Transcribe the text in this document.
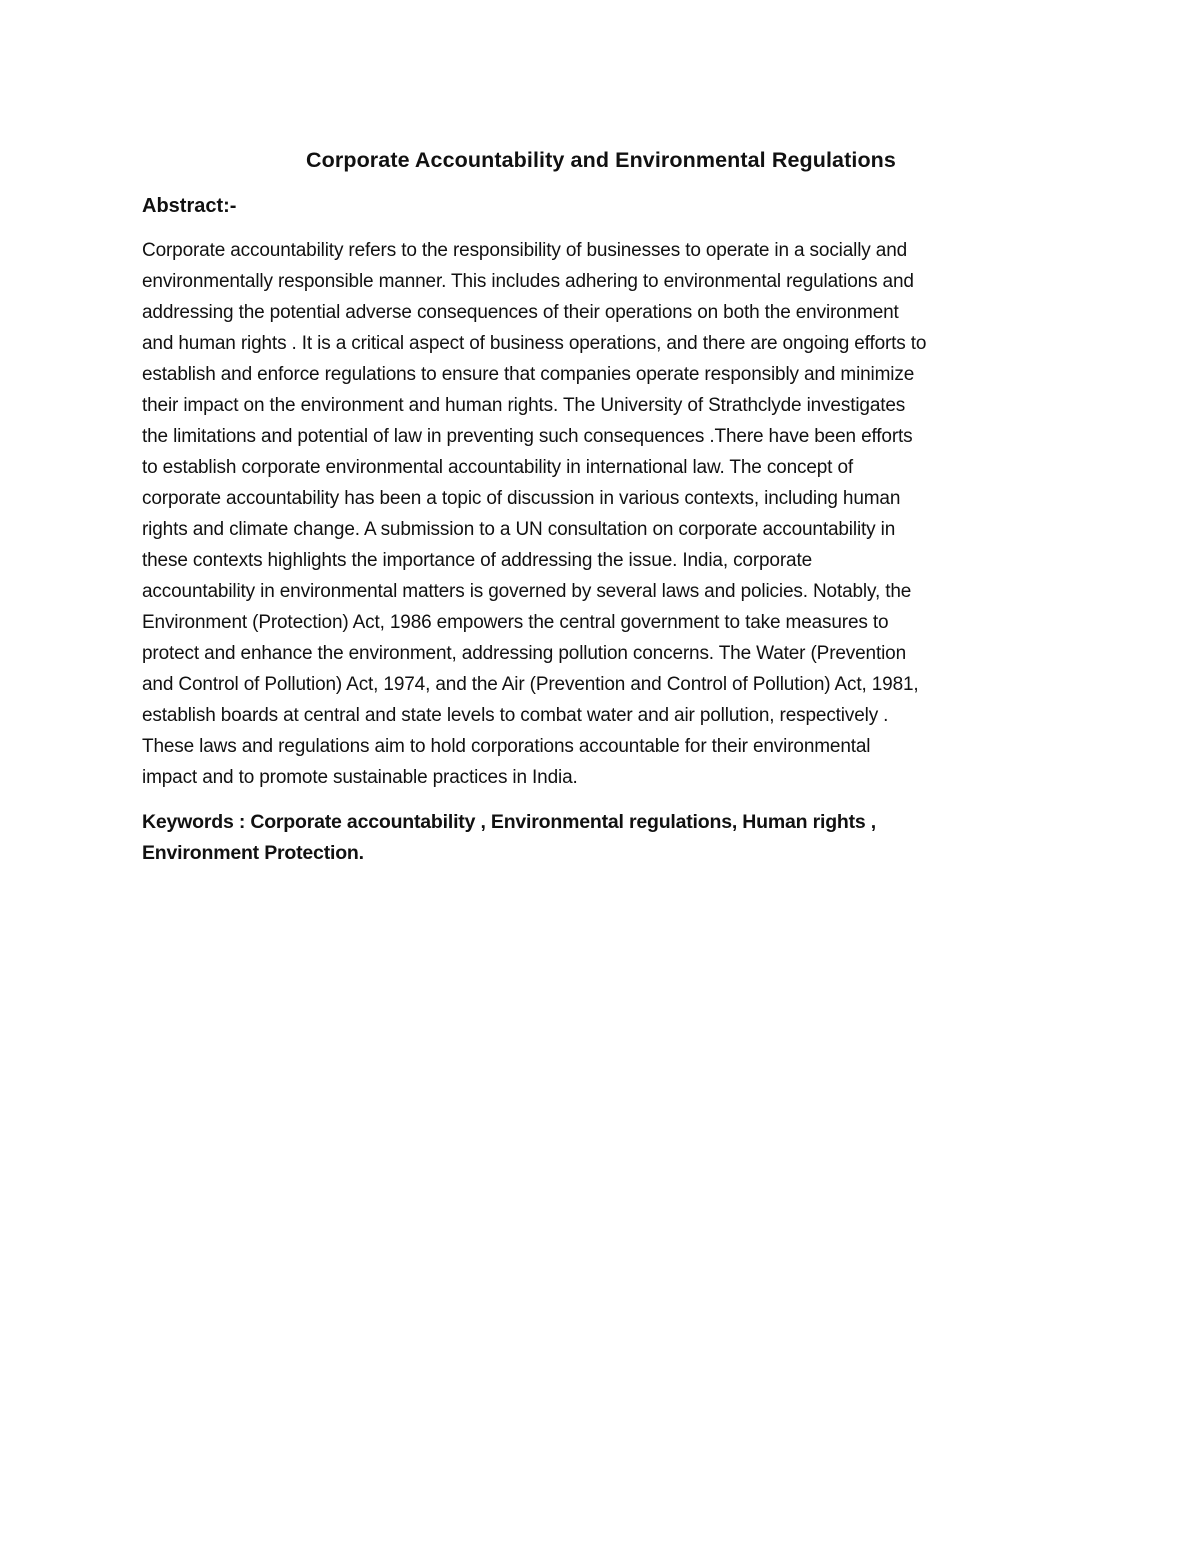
Corporate Accountability and Environmental Regulations
Abstract:-

Corporate accountability refers to the responsibility of businesses to operate in a socially and
environmentally responsible manner. This includes adhering to environmental regulations and
addressing the potential adverse consequences of their operations on both the environment
and human rights . It is a critical aspect of business operations, and there are ongoing efforts to
establish and enforce regulations to ensure that companies operate responsibly and minimize
their impact on the environment and human rights. The University of Strathclyde investigates
the limitations and potential of law in preventing such consequences .There have been efforts
to establish corporate environmental accountability in international law. The concept of
corporate accountability has been a topic of discussion in various contexts, including human
rights and climate change. A submission to a UN consultation on corporate accountability in
these contexts highlights the importance of addressing the issue. India, corporate
accountability in environmental matters is governed by several laws and policies. Notably, the
Environment (Protection) Act, 1986 empowers the central government to take measures to
protect and enhance the environment, addressing pollution concerns. The Water (Prevention
and Control of Pollution) Act, 1974, and the Air (Prevention and Control of Pollution) Act, 1981,
establish boards at central and state levels to combat water and air pollution, respectively .
These laws and regulations aim to hold corporations accountable for their environmental
impact and to promote sustainable practices in India.

Keywords : Corporate accountability , Environmental regulations, Human rights ,
Environment Protection.
